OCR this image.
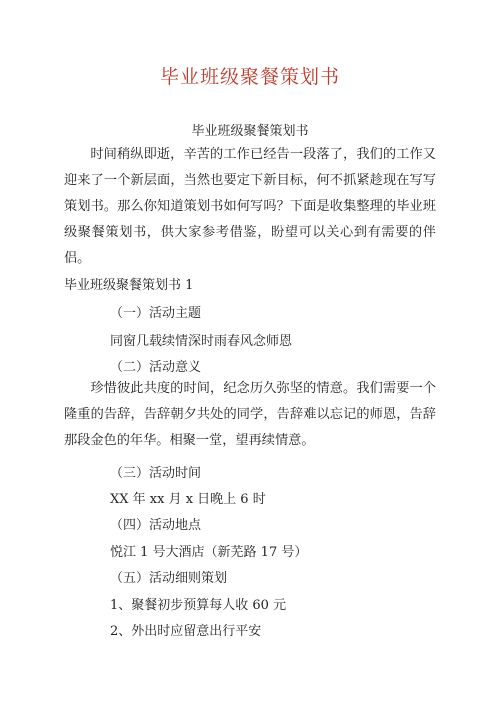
毕业班级聚餐策划书
毕业班级聚餐策划书

时间稍纵即逝，辛苦的工作已经告一段落了，我们的工作又迎来了一个新层面，当然也要定下新目标，何不抓紧趁现在写写策划书。那么你知道策划书如何写吗？下面是收集整理的毕业班级聚餐策划书，供大家参考借鉴，盼望可以关心到有需要的伴侣。

毕业班级聚餐策划书 1

（一）活动主题

同窗几载续情深时雨春风念师恩

（二）活动意义

珍惜彼此共度的时间，纪念历久弥坚的情意。我们需要一个隆重的告辞，告辞朝夕共处的同学，告辞难以忘记的师恩，告辞那段金色的年华。相聚一堂，望再续情意。

（三）活动时间

XX 年 xx 月 x 日晚上 6 时

（四）活动地点

悦江 1 号大酒店（新芜路 17 号）

（五）活动细则策划

1、聚餐初步预算每人收 60 元

2、外出时应留意出行平安
